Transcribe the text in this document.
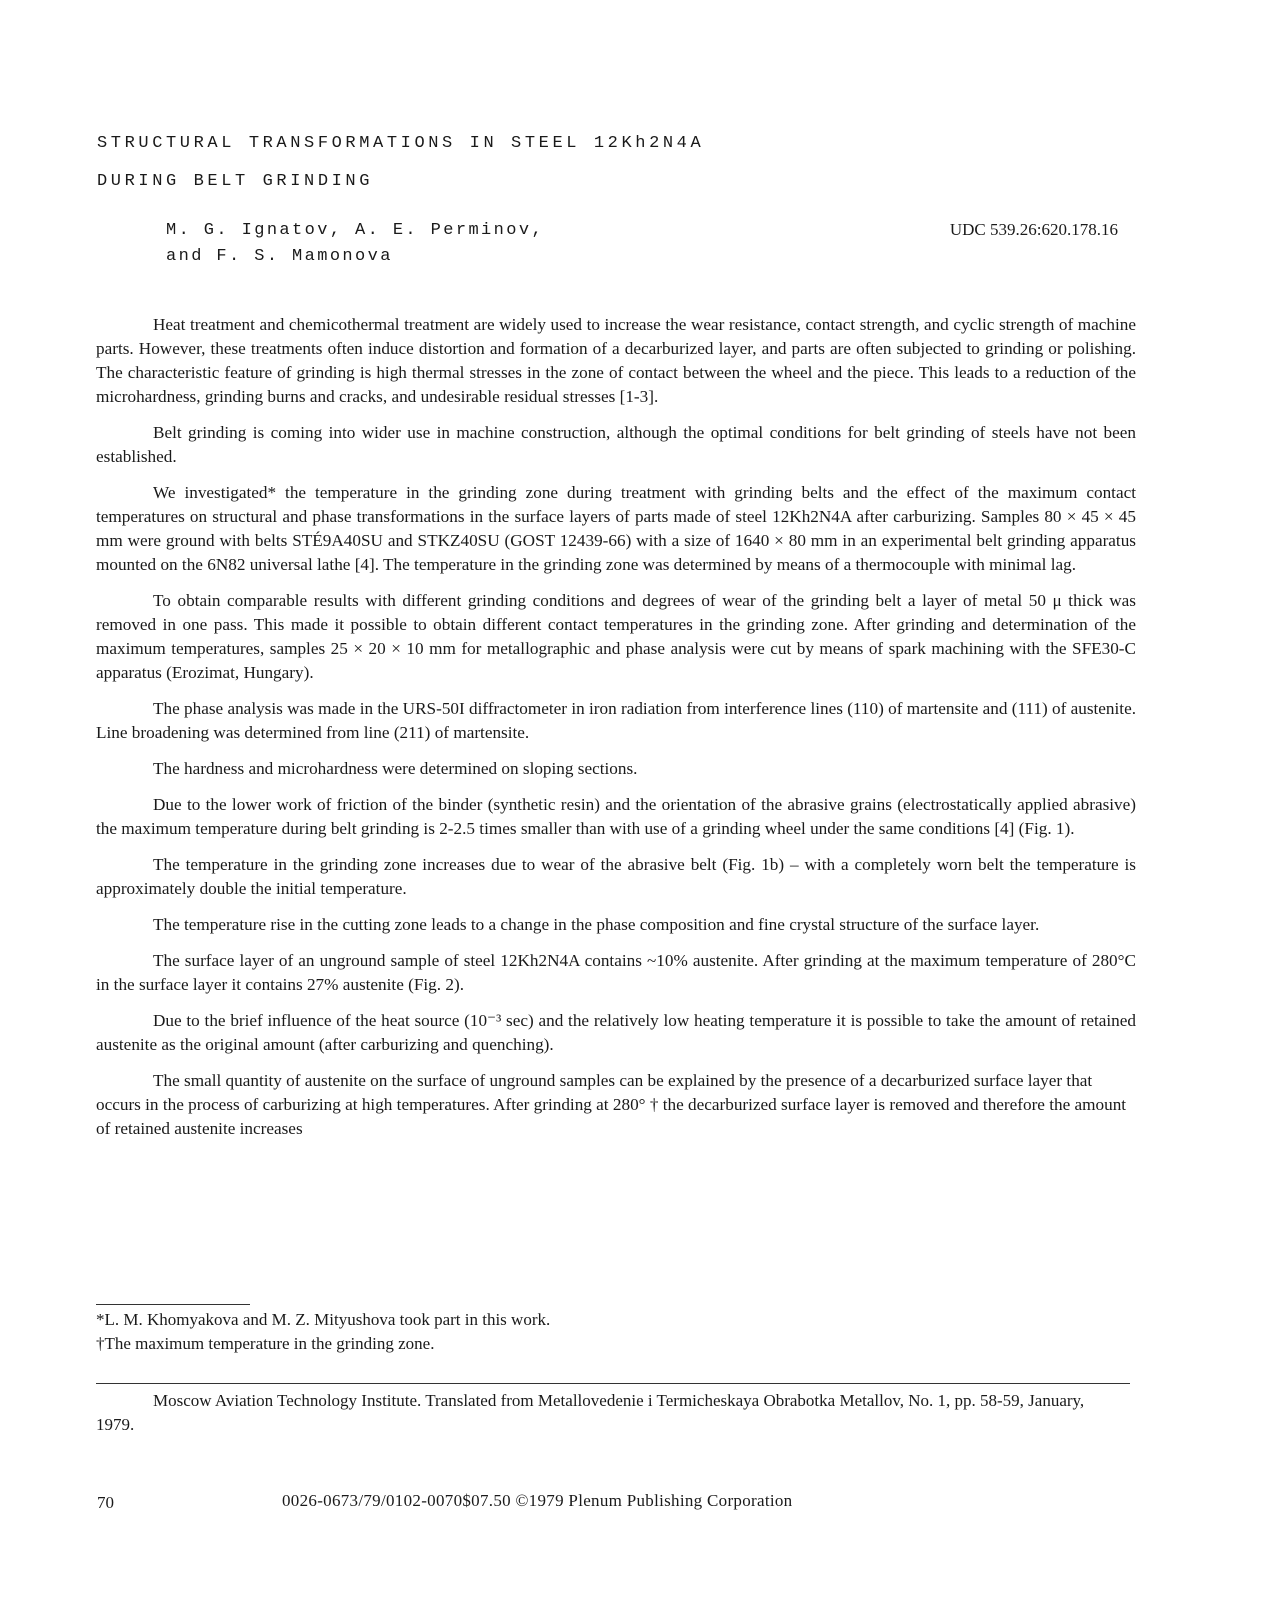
STRUCTURAL TRANSFORMATIONS IN STEEL 12Kh2N4A
DURING BELT GRINDING
M. G. Ignatov, A. E. Perminov,
and F. S. Mamonova
UDC 539.26:620.178.16

Heat treatment and chemicothermal treatment are widely used to increase the wear resistance, contact strength, and cyclic strength of machine parts. However, these treatments often induce distortion and formation of a decarburized layer, and parts are often subjected to grinding or polishing. The characteristic feature of grinding is high thermal stresses in the zone of contact between the wheel and the piece. This leads to a reduction of the microhardness, grinding burns and cracks, and undesirable residual stresses [1-3].

Belt grinding is coming into wider use in machine construction, although the optimal conditions for belt grinding of steels have not been established.

We investigated* the temperature in the grinding zone during treatment with grinding belts and the effect of the maximum contact temperatures on structural and phase transformations in the surface layers of parts made of steel 12Kh2N4A after carburizing. Samples 80 × 45 × 45 mm were ground with belts STÉ9A40SU and STKZ40SU (GOST 12439-66) with a size of 1640 × 80 mm in an experimental belt grinding apparatus mounted on the 6N82 universal lathe [4]. The temperature in the grinding zone was determined by means of a thermocouple with minimal lag.

To obtain comparable results with different grinding conditions and degrees of wear of the grinding belt a layer of metal 50 μ thick was removed in one pass. This made it possible to obtain different contact temperatures in the grinding zone. After grinding and determination of the maximum temperatures, samples 25 × 20 × 10 mm for metallographic and phase analysis were cut by means of spark machining with the SFE30-C apparatus (Erozimat, Hungary).

The phase analysis was made in the URS-50I diffractometer in iron radiation from interference lines (110) of martensite and (111) of austenite. Line broadening was determined from line (211) of martensite.

The hardness and microhardness were determined on sloping sections.

Due to the lower work of friction of the binder (synthetic resin) and the orientation of the abrasive grains (electrostatically applied abrasive) the maximum temperature during belt grinding is 2-2.5 times smaller than with use of a grinding wheel under the same conditions [4] (Fig. 1).

The temperature in the grinding zone increases due to wear of the abrasive belt (Fig. 1b) – with a completely worn belt the temperature is approximately double the initial temperature.

The temperature rise in the cutting zone leads to a change in the phase composition and fine crystal structure of the surface layer.

The surface layer of an unground sample of steel 12Kh2N4A contains ~10% austenite. After grinding at the maximum temperature of 280°C in the surface layer it contains 27% austenite (Fig. 2).

Due to the brief influence of the heat source (10⁻³ sec) and the relatively low heating temperature it is possible to take the amount of retained austenite as the original amount (after carburizing and quenching).

The small quantity of austenite on the surface of unground samples can be explained by the presence of a decarburized surface layer that occurs in the process of carburizing at high temperatures. After grinding at 280° † the decarburized surface layer is removed and therefore the amount of retained austenite increases

*L. M. Khomyakova and M. Z. Mityushova took part in this work.
†The maximum temperature in the grinding zone.

Moscow Aviation Technology Institute. Translated from Metallovedenie i Termicheskaya Obrabotka Metallov, No. 1, pp. 58-59, January, 1979.

70	0026-0673/79/0102-0070$07.50 ©1979 Plenum Publishing Corporation
